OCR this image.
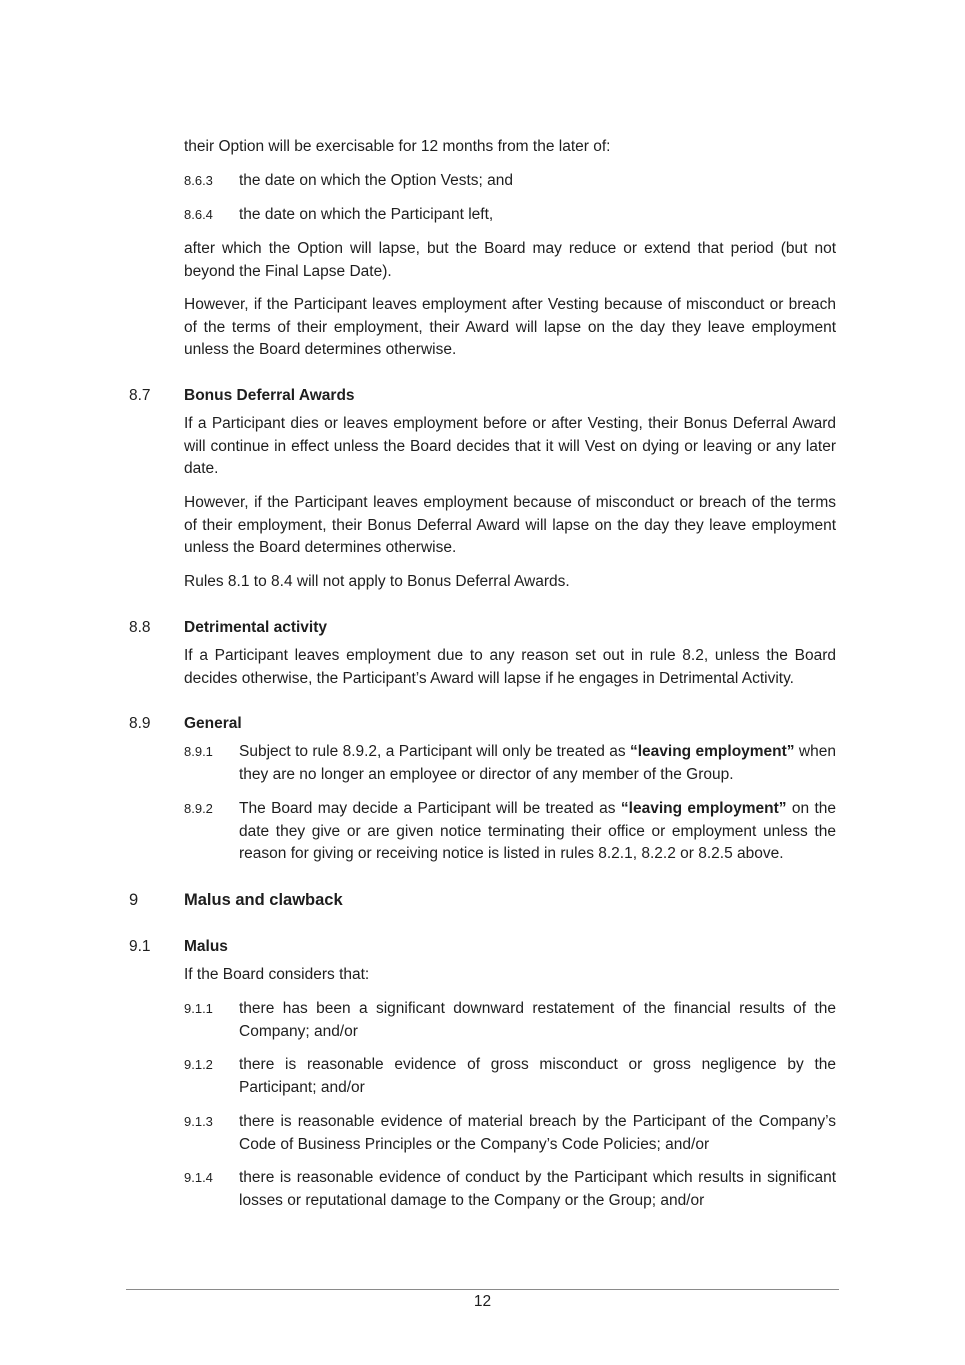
their Option will be exercisable for 12 months from the later of:

8.6.3 the date on which the Option Vests; and

8.6.4 the date on which the Participant left,

after which the Option will lapse, but the Board may reduce or extend that period (but not beyond the Final Lapse Date).

However, if the Participant leaves employment after Vesting because of misconduct or breach of the terms of their employment, their Award will lapse on the day they leave employment unless the Board determines otherwise.

8.7 Bonus Deferral Awards

If a Participant dies or leaves employment before or after Vesting, their Bonus Deferral Award will continue in effect unless the Board decides that it will Vest on dying or leaving or any later date.

However, if the Participant leaves employment because of misconduct or breach of the terms of their employment, their Bonus Deferral Award will lapse on the day they leave employment unless the Board determines otherwise.

Rules 8.1 to 8.4 will not apply to Bonus Deferral Awards.

8.8 Detrimental activity

If a Participant leaves employment due to any reason set out in rule 8.2, unless the Board decides otherwise, the Participant’s Award will lapse if he engages in Detrimental Activity.

8.9 General
8.9.1 Subject to rule 8.9.2, a Participant will only be treated as “leaving employment” when they are no longer an employee or director of any member of the Group.

8.9.2 The Board may decide a Participant will be treated as “leaving employment” on the date they give or are given notice terminating their office or employment unless the reason for giving or receiving notice is listed in rules 8.2.1, 8.2.2 or 8.2.5 above.

9	Malus and clawback
9.1 Malus

If the Board considers that:

9.1.1 there has been a significant downward restatement of the financial results of the Company; and/or

9.1.2 there is reasonable evidence of gross misconduct or gross negligence by the Participant; and/or

9.1.3 there is reasonable evidence of material breach by the Participant of the Company’s Code of Business Principles or the Company’s Code Policies; and/or

9.1.4 there is reasonable evidence of conduct by the Participant which results in significant losses or reputational damage to the Company or the Group; and/or

12
